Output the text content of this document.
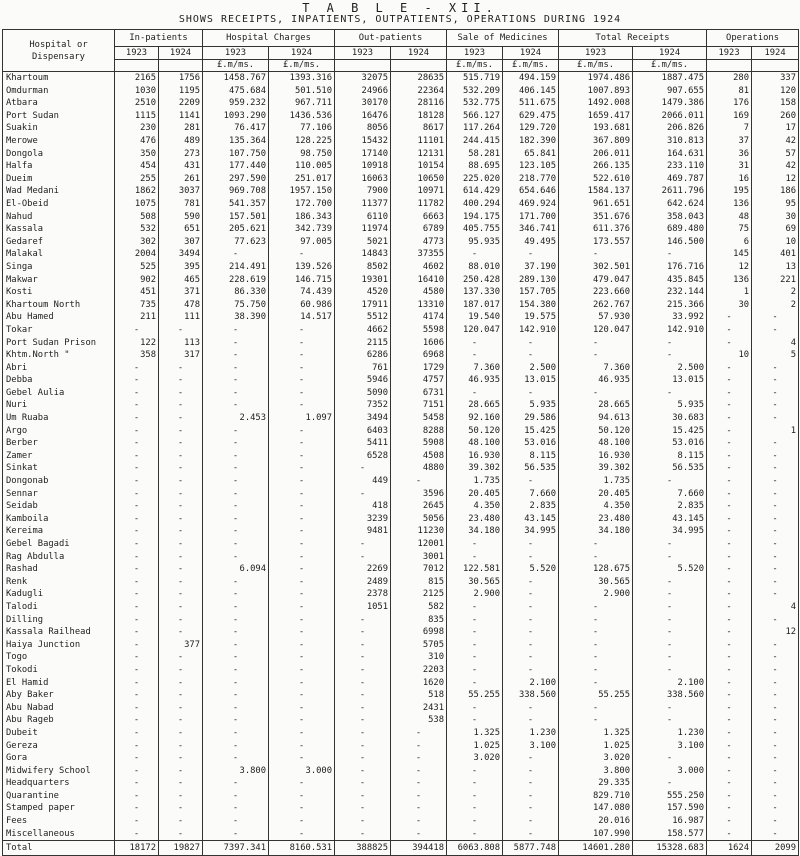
T A B L E - XII.
SHOWS RECEIPTS, INPATIENTS, OUTPATIENTS, OPERATIONS DURING 1924
Hospital or Dispensary	In-patients		Hospital Charges		Out-patients		Sale of Medicines		Total Receipts		Operations	
	1923	1924	1923	1924	1923	1924	1923	1924	1923	1924	1923	1924
			£.m/ms.	£.m/ms.			£.m/ms.	£.m/ms.	£.m/ms.	£.m/ms.		
Khartoum	2165	1756	1458.767	1393.316	32075	28635	515.719	494.159	1974.486	1887.475	280	337
Omdurman	1030	1195	475.684	501.510	24966	22364	532.209	406.145	1007.893	907.655	81	120
Atbara	2510	2209	959.232	967.711	30170	28116	532.775	511.675	1492.008	1479.386	176	158
Port Sudan	1115	1141	1093.290	1436.536	16476	18128	566.127	629.475	1659.417	2066.011	169	260
Suakin	230	281	76.417	77.106	8056	8617	117.264	129.720	193.681	206.826	7	17
Merowe	476	489	135.364	128.225	15432	11101	244.415	182.390	367.809	310.813	37	42
Dongola	350	273	107.750	98.750	17140	12131	58.281	65.841	206.011	164.631	36	57
Halfa	454	431	177.440	110.005	10918	10154	88.695	123.105	266.135	233.110	31	42
Dueim	255	261	297.590	251.017	16063	10650	225.020	218.770	522.610	469.787	16	12
Wad Medani	1862	3037	969.708	1957.150	7900	10971	614.429	654.646	1584.137	2611.796	195	186
El-Obeid	1075	781	541.357	172.700	11377	11782	400.294	469.924	961.651	642.624	136	95
Nahud	508	590	157.501	186.343	6110	6663	194.175	171.700	351.676	358.043	48	30
Kassala	532	651	205.621	342.739	11974	6789	405.755	346.741	611.376	689.480	75	69
Gedaref	302	307	77.623	97.005	5021	4773	95.935	49.495	173.557	146.500	6	10
Malakal	2004	3494	-	-	14843	37355	-	-	-	-	145	401
Singa	525	395	214.491	139.526	8502	4602	88.010	37.190	302.501	176.716	12	13
Makwar	902	465	228.619	146.715	19301	16410	250.428	289.130	479.047	435.845	136	221
Kosti	451	371	86.330	74.439	4520	4580	137.330	157.705	223.660	232.144	1	2
Khartoum North	735	478	75.750	60.986	17911	13310	187.017	154.380	262.767	215.366	30	2
Abu Hamed	211	111	38.390	14.517	5512	4174	19.540	19.575	57.930	33.992	-	-
Tokar	-	-	-	-	4662	5598	120.047	142.910	120.047	142.910	-	-
Port Sudan Prison	122	113	-	-	2115	1606	-	-	-	-	-	4
Khtm.North "	358	317	-	-	6286	6968	-	-	-	-	10	5
Abri	-	-	-	-	761	1729	7.360	2.500	7.360	2.500	-	-
Debba	-	-	-	-	5946	4757	46.935	13.015	46.935	13.015	-	-
Gebel Aulia	-	-	-	-	5090	6731	-	-	-	-	-	-
Nuri	-	-	-	-	7352	7151	28.665	5.935	28.665	5.935	-	-
Um Ruaba	-	-	2.453	1.097	3494	5458	92.160	29.586	94.613	30.683	-	-
Argo	-	-	-	-	6403	8288	50.120	15.425	50.120	15.425	-	1
Berber	-	-	-	-	5411	5908	48.100	53.016	48.100	53.016	-	-
Zamer	-	-	-	-	6528	4508	16.930	8.115	16.930	8.115	-	-
Sinkat	-	-	-	-	-	4880	39.302	56.535	39.302	56.535	-	-
Dongonab	-	-	-	-	449	-	1.735	-	1.735	-	-	-
Sennar	-	-	-	-	-	3596	20.405	7.660	20.405	7.660	-	-
Seidab	-	-	-	-	418	2645	4.350	2.835	4.350	2.835	-	-
Kamboila	-	-	-	-	3239	5056	23.480	43.145	23.480	43.145	-	-
Kereima	-	-	-	-	9481	11230	34.180	34.995	34.180	34.995	-	-
Gebel Bagadi	-	-	-	-	-	12001	-	-	-	-	-	-
Rag Abdulla	-	-	-	-	-	3001	-	-	-	-	-	-
Rashad	-	-	6.094	-	2269	7012	122.581	5.520	128.675	5.520	-	-
Renk	-	-	-	-	2489	815	30.565	-	30.565	-	-	-
Kadugli	-	-	-	-	2378	2125	2.900	-	2.900	-	-	-
Talodi	-	-	-	-	1051	582	-	-	-	-	-	4
Dilling	-	-	-	-	-	835	-	-	-	-	-	-
Kassala Railhead	-	-	-	-	-	6998	-	-	-	-	-	12
Haiya Junction	-	377	-	-	-	5705	-	-	-	-	-	-
Togo	-	-	-	-	-	310	-	-	-	-	-	-
Tokodi	-	-	-	-	-	2203	-	-	-	-	-	-
El Hamid	-	-	-	-	-	1620	-	2.100	-	2.100	-	-
Aby Baker	-	-	-	-	-	518	55.255	338.560	55.255	338.560	-	-
Abu Nabad	-	-	-	-	-	2431	-	-	-	-	-	-
Abu Rageb	-	-	-	-	-	538	-	-	-	-	-	-
Dubeit	-	-	-	-	-	-	1.325	1.230	1.325	1.230	-	-
Gereza	-	-	-	-	-	-	1.025	3.100	1.025	3.100	-	-
Gora	-	-	-	-	-	-	3.020	-	3.020	-	-	-
Midwifery School	-	-	3.800	3.000	-	-	-	-	3.800	3.000	-	-
Headquarters	-	-	-	-	-	-	-	-	29.335	-	-	-
Quarantine	-	-	-	-	-	-	-	-	829.710	555.250	-	-
Stamped paper	-	-	-	-	-	-	-	-	147.080	157.590	-	-
Fees	-	-	-	-	-	-	-	-	20.016	16.987	-	-
Miscellaneous	-	-	-	-	-	-	-	-	107.990	158.577	-	-
Total	18172	19827	7397.341	8160.531	388825	394418	6063.808	5877.748	14601.280	15328.683	1624	2099
